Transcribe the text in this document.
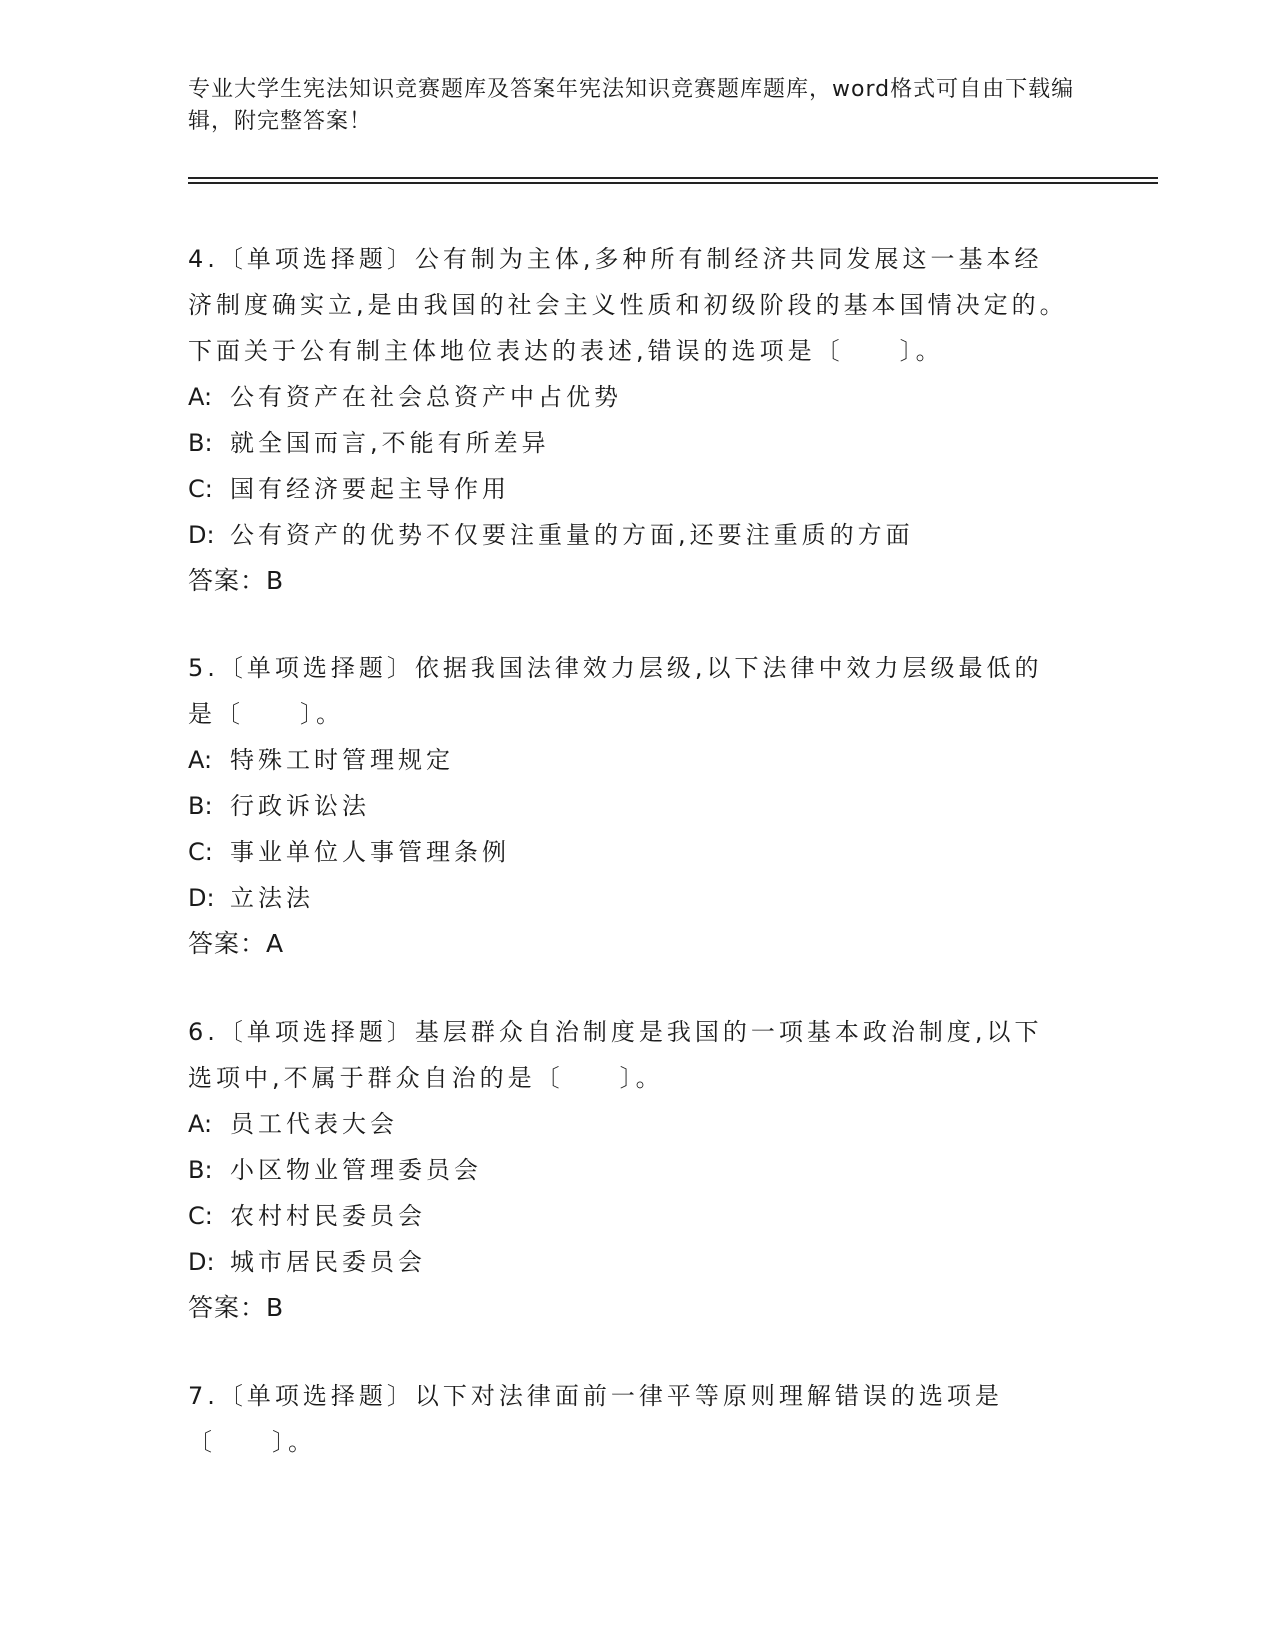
专业大学生宪法知识竞赛题库及答案年宪法知识竞赛题库题库，word格式可自由下载编辑，附完整答案！

4.〔单项选择题〕公有制为主体,多种所有制经济共同发展这一基本经济制度确实立,是由我国的社会主义性质和初级阶段的基本国情决定的。下面关于公有制主体地位表达的表述,错误的选项是〔　　〕。

A: 公有资产在社会总资产中占优势

B: 就全国而言,不能有所差异

C: 国有经济要起主导作用

D: 公有资产的优势不仅要注重量的方面,还要注重质的方面

答案：B

5.〔单项选择题〕依据我国法律效力层级,以下法律中效力层级最低的是〔　　〕。

A: 特殊工时管理规定

B: 行政诉讼法

C: 事业单位人事管理条例

D: 立法法

答案：A

6.〔单项选择题〕基层群众自治制度是我国的一项基本政治制度,以下选项中,不属于群众自治的是〔　　〕。

A: 员工代表大会

B: 小区物业管理委员会

C: 农村村民委员会

D: 城市居民委员会

答案：B

7.〔单项选择题〕以下对法律面前一律平等原则理解错误的选项是〔　　〕。
